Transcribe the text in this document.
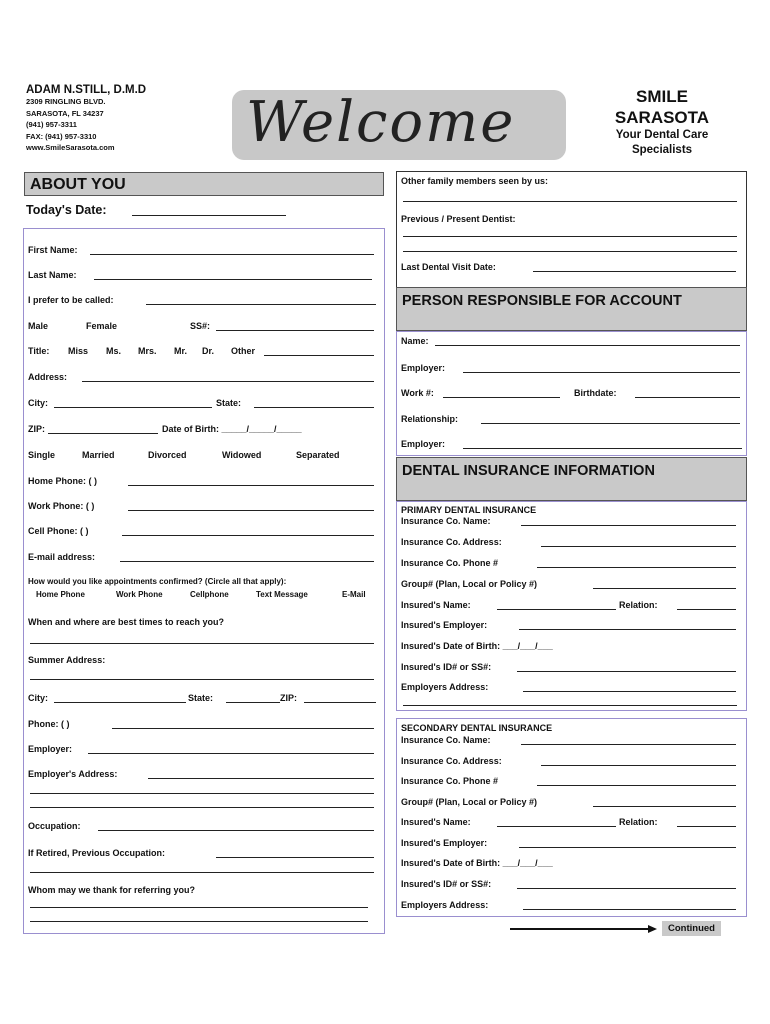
ADAM N.STILL, D.M.D
2309 RINGLING BLVD.
SARASOTA, FL 34237
(941) 957-3311
FAX: (941) 957-3310
www.SmileSarasota.com	Welcome	SMILE
SARASOTA
Your Dental Care
Specialists
ABOUT YOU
Today's Date:
First Name:
Last Name:
I prefer to be called:
Male	Female	SS#:
Title: Miss Ms. Mrs. Mr. Dr. Other
Address:
City:	State:
ZIP:	Date of Birth: _____/_____/_____
Single	Married	Divorced	Widowed	Separated
Home Phone: ( )
Work Phone: ( )
Cell Phone: ( )
E-mail address:
How would you like appointments confirmed? (Circle all that apply):
Home Phone	Work Phone	Cellphone	Text Message	E-Mail
When and where are best times to reach you?
Summer Address:
City:	State:	ZIP:
Phone: ( )
Employer:
Employer's Address:
Occupation:
If Retired, Previous Occupation:
Whom may we thank for referring you?
Other family members seen by us:
Previous / Present Dentist:
Last Dental Visit Date:
PERSON RESPONSIBLE FOR ACCOUNT
Name:
Employer:
Work #:	Birthdate:
Relationship:
Employer:
DENTAL INSURANCE INFORMATION
PRIMARY DENTAL INSURANCE
Insurance Co. Name:
Insurance Co. Address:
Insurance Co. Phone #
Group# (Plan, Local or Policy #)
Insured's Name:	Relation:
Insured's Employer:
Insured's Date of Birth: ___/___/___
Insured's ID# or SS#:
Employers Address:
SECONDARY DENTAL INSURANCE
Insurance Co. Name:
Insurance Co. Address:
Insurance Co. Phone #
Group# (Plan, Local or Policy #)
Insured's Name:	Relation:
Insured's Employer:
Insured's Date of Birth: ___/___/___
Insured's ID# or SS#:
Employers Address:
Continued
